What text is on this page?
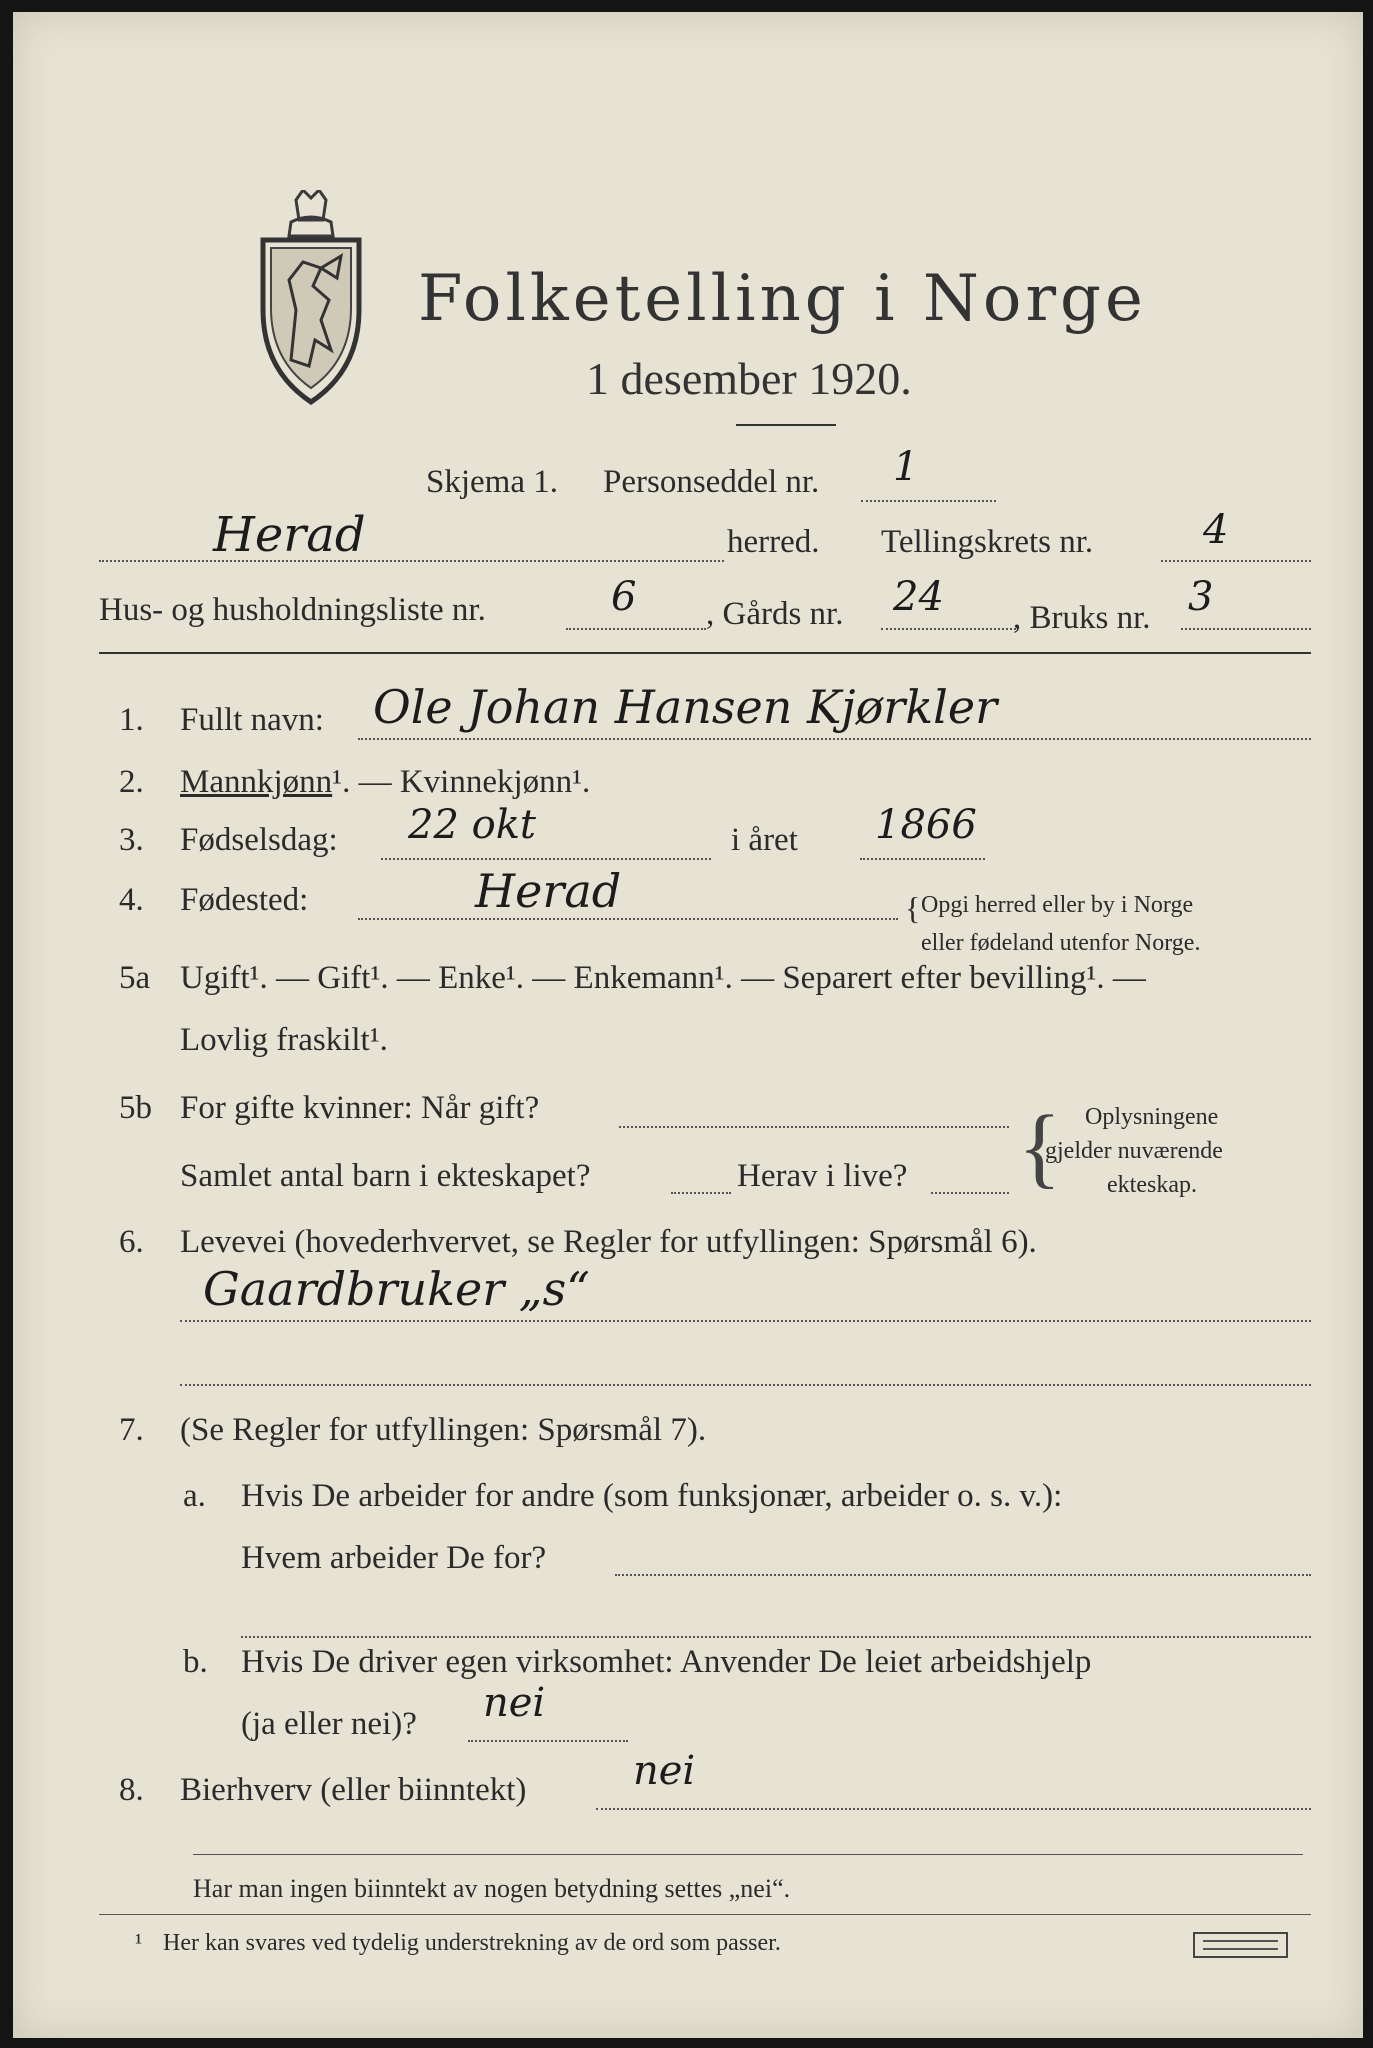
Folketelling i Norge
1 desember 1920.
Skjema 1. Personseddel nr. 1
Herad	herred. Tellingskrets nr.	4
Hus- og husholdningsliste nr.	6 , Gårds nr. 24 , Bruks nr. 3
1. Fullt navn: Ole Johan Hansen Kjørkler
2. Mannkjønn¹. — Kvinnekjønn¹.
3. Fødselsdag: 22 okt	i året 1866
4. Fødested:	Herad	{ Opgi herred eller by i Norge
eller fødeland utenfor Norge.
5a Ugift¹. — Gift¹. — Enke¹. — Enkemann¹. — Separert efter bevilling¹. —
Lovlig fraskilt¹.
5b For gifte kvinner: Når gift?
Samlet antal barn i ekteskapet?	Herav i live? { Oplysningene
gjelder nuværende
ekteskap.
6. Levevei (hovederhvervet, se Regler for utfyllingen: Spørsmål 6).
Gaardbruker „s“
7. (Se Regler for utfyllingen: Spørsmål 7).
a. Hvis De arbeider for andre (som funksjonær, arbeider o. s. v.):
Hvem arbeider De for?
b. Hvis De driver egen virksomhet: Anvender De leiet arbeidshjelp
(ja eller nei)? nei
8. Bierhverv (eller biinntekt)	nei
Har man ingen biinntekt av nogen betydning settes „nei“.
¹ Her kan svares ved tydelig understrekning av de ord som passer.
